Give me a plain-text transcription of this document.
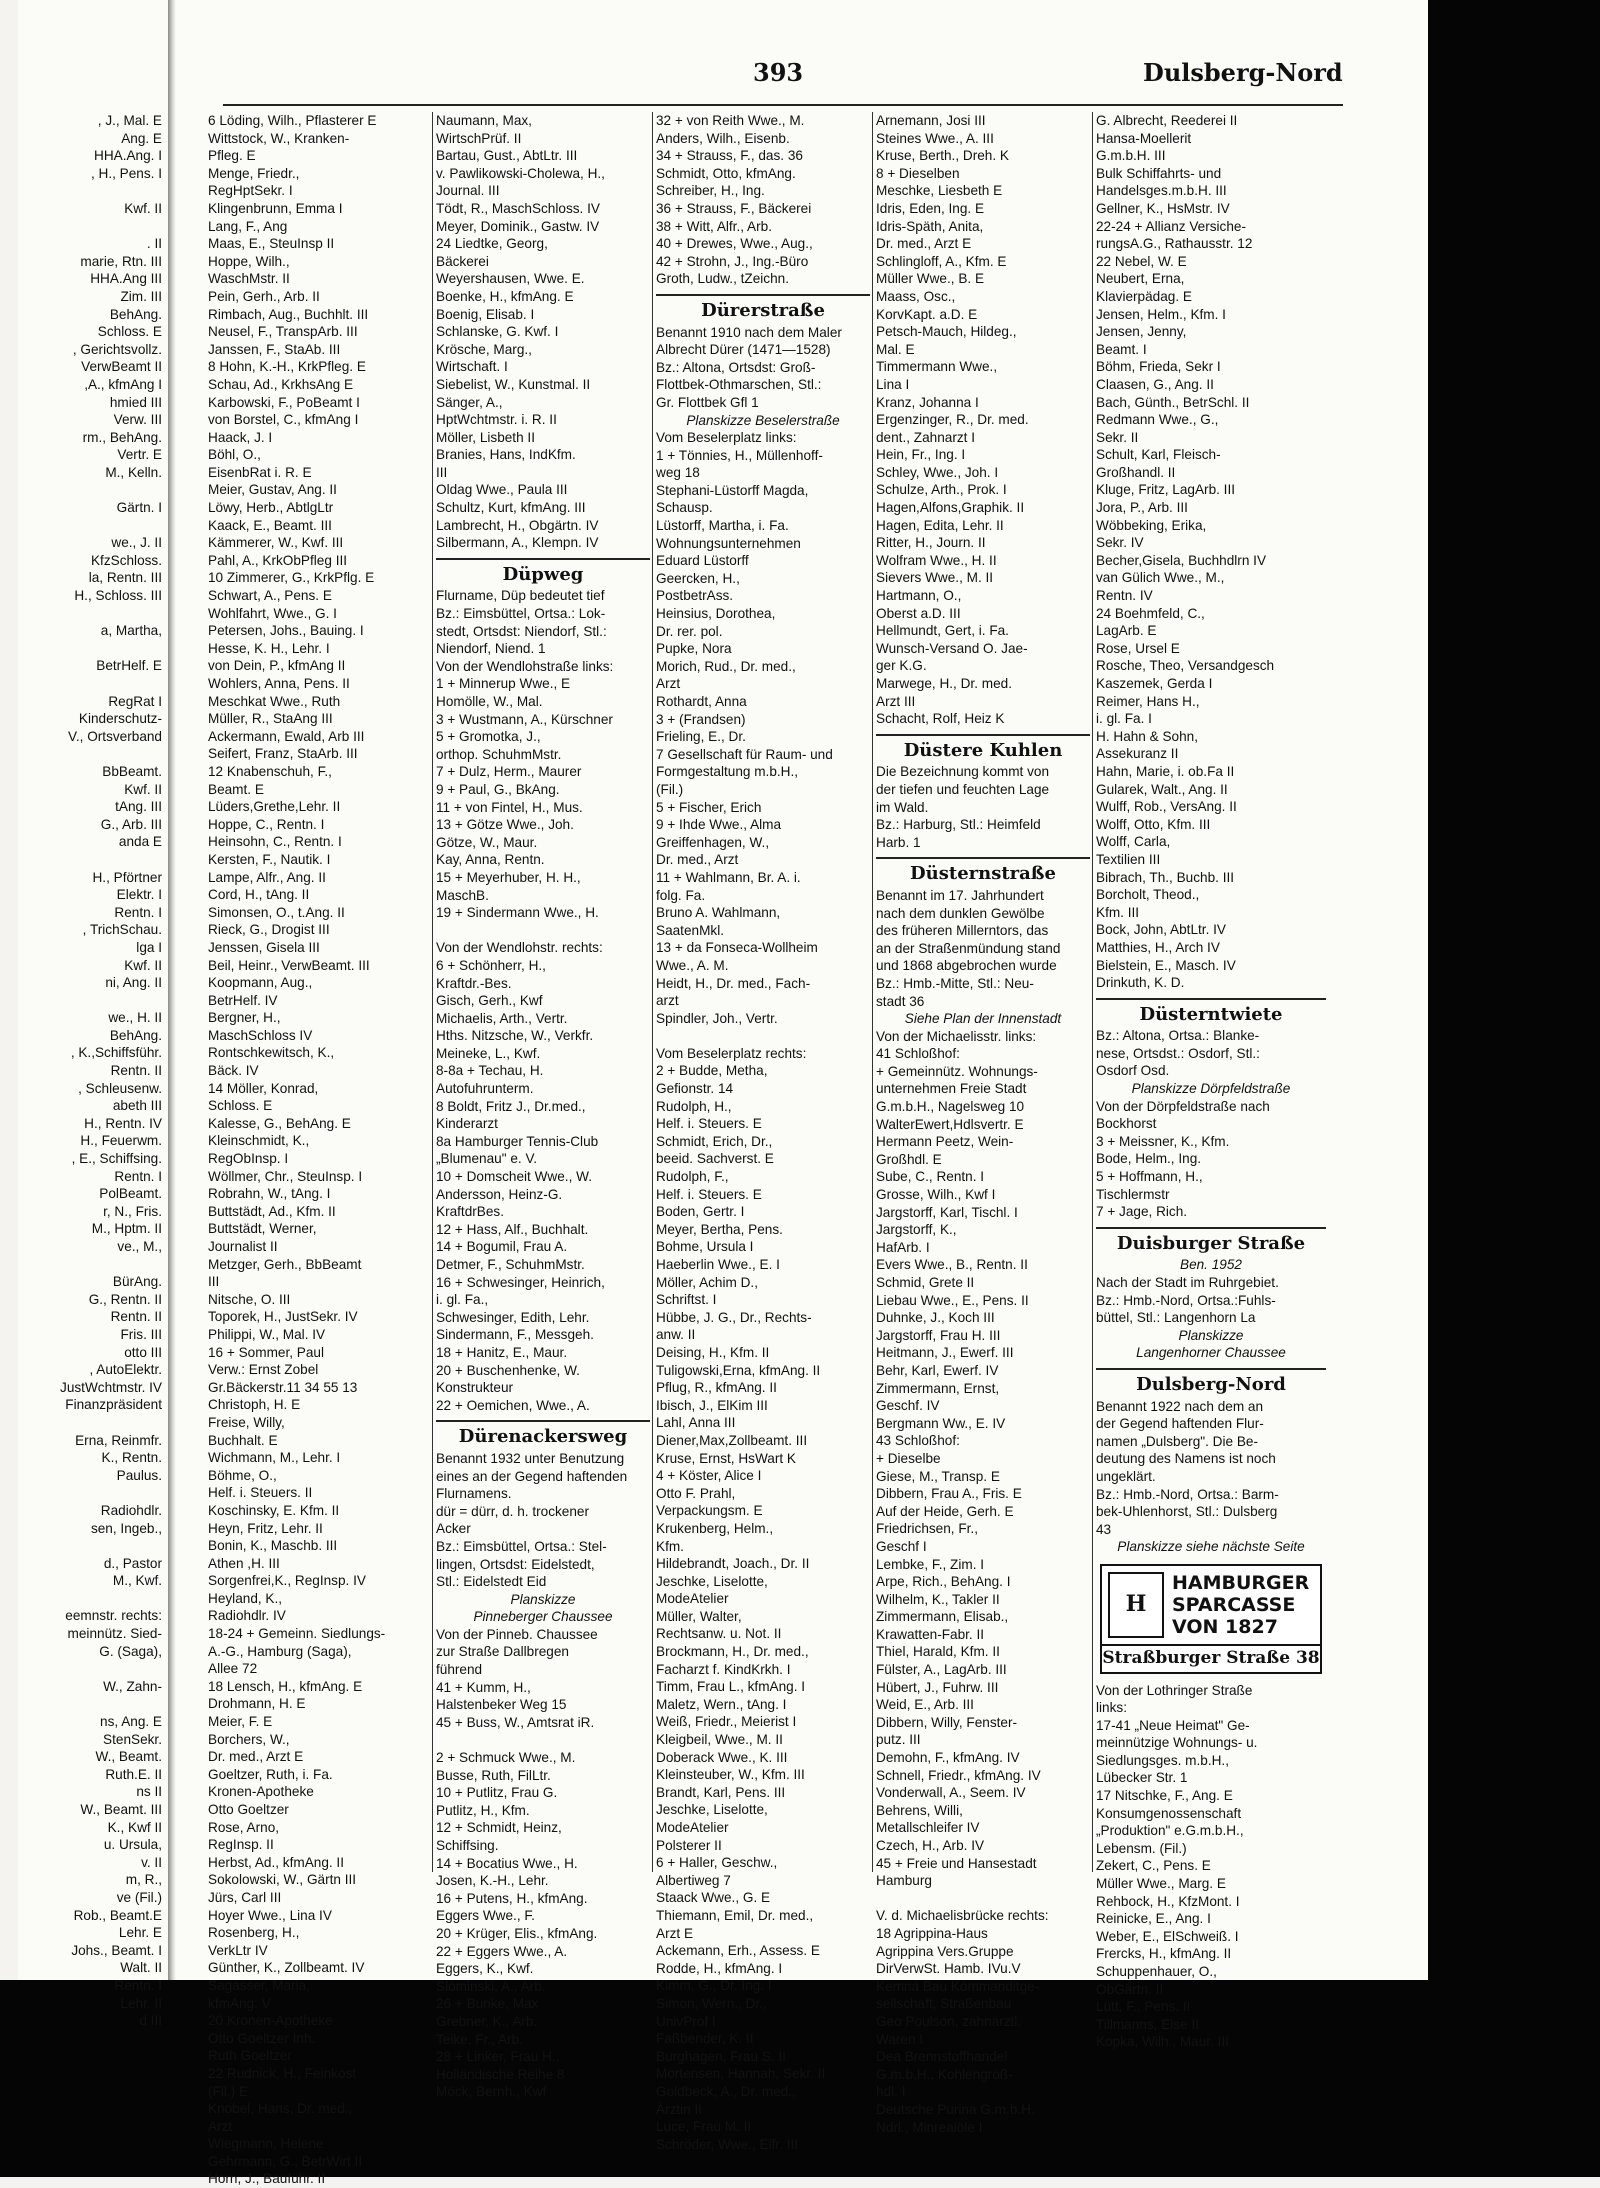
, J., Mal. E
Ang. E
HHA.Ang. I
, H., Pens. I

Kwf. II

. II
marie, Rtn. III
HHA.Ang III
Zim. III
BehAng.
Schloss. E
, Gerichtsvollz.
VerwBeamt II
,A., kfmAng I
hmied III
Verw. III
rm., BehAng.
Vertr. E
M., Kelln.

Gärtn. I

we., J. II
KfzSchloss.
la, Rentn. III
H., Schloss. III

a, Martha,

BetrHelf. E

RegRat I
Kinderschutz-
V., Ortsverband

BbBeamt.
Kwf. II
tAng. III
G., Arb. III
anda E

H., Pförtner
Elektr. I
Rentn. I
, TrichSchau.
lga I
Kwf. II
ni, Ang. II

we., H. II
BehAng.
, K.,Schiffsführ.
Rentn. II
, Schleusenw.
abeth III
H., Rentn. IV
H., Feuerwm.
, E., Schiffsing.
Rentn. I
PolBeamt.
r, N., Fris.
M., Hptm. II
ve., M.,

BürAng.
G., Rentn. II
Rentn. II
Fris. III
otto III
, AutoElektr.
JustWchtmstr. IV
Finanzpräsident

Erna, Reinmfr.
K., Rentn.
Paulus.

Radiohdlr.
sen, Ingeb.,

d., Pastor
M., Kwf.

eemnstr. rechts:
meinnütz. Sied-
G. (Saga),

W., Zahn-

ns, Ang. E
StenSekr.
W., Beamt.
Ruth.E. II
ns II
W., Beamt. III
K., Kwf II
u. Ursula,
v. II
m, R.,
ve (Fil.)
Rob., Beamt.E
Lehr. E
Johs., Beamt. I
Walt. II
Rentn. I
Lehr. II
d III
393	Dulsberg-Nord
6 Löding, Wilh., Pflasterer E
Wittstock, W., Kranken-
Pfleg. E
Menge, Friedr.,
RegHptSekr. I
Klingenbrunn, Emma I
Lang, F., Ang
Maas, E., SteuInsp II
Hoppe, Wilh.,
WaschMstr. II
Pein, Gerh., Arb. II
Rimbach, Aug., Buchhlt. III
Neusel, F., TranspArb. III
Janssen, F., StaAb. III
8 Hohn, K.-H., KrkPfleg. E
Schau, Ad., KrkhsAng E
Karbowski, F., PoBeamt I
von Borstel, C., kfmAng I
Haack, J. I
Böhl, O.,
EisenbRat i. R. E
Meier, Gustav, Ang. II
Löwy, Herb., AbtlgLtr
Kaack, E., Beamt. III
Kämmerer, W., Kwf. III
Pahl, A., KrkObPfleg III
10 Zimmerer, G., KrkPflg. E
Schwart, A., Pens. E
Wohlfahrt, Wwe., G. I
Petersen, Johs., Bauing. I
Hesse, K. H., Lehr. I
von Dein, P., kfmAng II
Wohlers, Anna, Pens. II
Meschkat Wwe., Ruth
Müller, R., StaAng III
Ackermann, Ewald, Arb III
Seifert, Franz, StaArb. III
12 Knabenschuh, F.,
Beamt. E
Lüders,Grethe,Lehr. II
Hoppe, C., Rentn. I
Heinsohn, C., Rentn. I
Kersten, F., Nautik. I
Lampe, Alfr., Ang. II
Cord, H., tAng. II
Simonsen, O., t.Ang. II
Rieck, G., Drogist III
Jenssen, Gisela III
Beil, Heinr., VerwBeamt. III
Koopmann, Aug.,
BetrHelf. IV
Bergner, H.,
MaschSchloss IV
Rontschkewitsch, K.,
Bäck. IV
14 Möller, Konrad,
Schloss. E
Kalesse, G., BehAng. E
Kleinschmidt, K.,
RegObInsp. I
Wöllmer, Chr., SteuInsp. I
Robrahn, W., tAng. I
Buttstädt, Ad., Kfm. II
Buttstädt, Werner,
Journalist II
Metzger, Gerh., BbBeamt
III
Nitsche, O. III
Toporek, H., JustSekr. IV
Philippi, W., Mal. IV
16 + Sommer, Paul
Verw.: Ernst Zobel
Gr.Bäckerstr.11 34 55 13
Christoph, H. E
Freise, Willy,
Buchhalt. E
Wichmann, M., Lehr. I
Böhme, O.,
Helf. i. Steuers. II
Koschinsky, E. Kfm. II
Heyn, Fritz, Lehr. II
Bonin, K., Maschb. III
Athen ,H. III
Sorgenfrei,K., RegInsp. IV
Heyland, K.,
Radiohdlr. IV
18-24 + Gemeinn. Siedlungs-
A.-G., Hamburg (Saga),
Allee 72
18 Lensch, H., kfmAng. E
Drohmann, H. E
Meier, F. E
Borchers, W.,
Dr. med., Arzt E
Goeltzer, Ruth, i. Fa.
Kronen-Apotheke
Otto Goeltzer
Rose, Arno,
RegInsp. II
Herbst, Ad., kfmAng. II
Sokolowski, W., Gärtn III
Jürs, Carl III
Hoyer Wwe., Lina IV
Rosenberg, H.,
VerkLtr IV
Günther, K., Zollbeamt. IV
Sagasser, Maria,
kfmAng. V
20 Kronen-Apotheke
Otto Goeltzer Inh.
Ruth Goeltzer
22 Rudnick, H., Feinkost
(Fil.) E
Knobel, Hans, Dr. med.,
Arzt
Wiegmann, Helene
Gehrmann, G., BetrWirt II
Horn, J., Bauführ. II
Naumann, Max,
WirtschPrüf. II
Bartau, Gust., AbtLtr. III
v. Pawlikowski-Cholewa, H.,
Journal. III
Tödt, R., MaschSchloss. IV
Meyer, Dominik., Gastw. IV
24 Liedtke, Georg,
Bäckerei
Weyershausen, Wwe. E.
Boenke, H., kfmAng. E
Boenig, Elisab. I
Schlanske, G. Kwf. I
Krösche, Marg.,
Wirtschaft. I
Siebelist, W., Kunstmal. II
Sänger, A.,
HptWchtmstr. i. R. II
Möller, Lisbeth II
Branies, Hans, IndKfm.
III
Oldag Wwe., Paula III
Schultz, Kurt, kfmAng. III
Lambrecht, H., Obgärtn. IV
Silbermann, A., Klempn. IV
Düpweg
Flurname, Düp bedeutet tief
Bz.: Eimsbüttel, Ortsa.: Lok-
stedt, Ortsdst: Niendorf, Stl.:
Niendorf, Niend. 1
Von der Wendlohstraße links:
1 + Minnerup Wwe., E
Homölle, W., Mal.
3 + Wustmann, A., Kürschner
5 + Gromotka, J.,
orthop. SchuhmMstr.
7 + Dulz, Herm., Maurer
9 + Paul, G., BkAng.
11 + von Fintel, H., Mus.
13 + Götze Wwe., Joh.
Götze, W., Maur.
Kay, Anna, Rentn.
15 + Meyerhuber, H. H.,
MaschB.
19 + Sindermann Wwe., H.

Von der Wendlohstr. rechts:
6 + Schönherr, H.,
Kraftdr.-Bes.
Gisch, Gerh., Kwf
Michaelis, Arth., Vertr.
Hths. Nitzsche, W., Verkfr.
Meineke, L., Kwf.
8-8a + Techau, H.
Autofuhrunterm.
8 Boldt, Fritz J., Dr.med.,
Kinderarzt
8a Hamburger Tennis-Club
„Blumenau" e. V.
10 + Domscheit Wwe., W.
Andersson, Heinz-G.
KraftdrBes.
12 + Hass, Alf., Buchhalt.
14 + Bogumil, Frau A.
Detmer, F., SchuhmMstr.
16 + Schwesinger, Heinrich,
i. gl. Fa.,
Schwesinger, Edith, Lehr.
Sindermann, F., Messgeh.
18 + Hanitz, E., Maur.
20 + Buschenhenke, W.
Konstrukteur
22 + Oemichen, Wwe., A.
Dürenackersweg
Benannt 1932 unter Benutzung
eines an der Gegend haftenden
Flurnamens.
dür = dürr, d. h. trockener
Acker
Bz.: Eimsbüttel, Ortsa.: Stel-
lingen, Ortsdst: Eidelstedt,
Stl.: Eidelstedt Eid
Planskizze
Pinneberger Chaussee
Von der Pinneb. Chaussee
zur Straße Dallbregen
führend
41 + Kumm, H.,
Halstenbeker Weg 15
45 + Buss, W., Amtsrat iR.

2 + Schmuck Wwe., M.
Busse, Ruth, FilLtr.
10 + Putlitz, Frau G.
Putlitz, H., Kfm.
12 + Schmidt, Heinz,
Schiffsing.
14 + Bocatius Wwe., H.
Josen, K.-H., Lehr.
16 + Putens, H., kfmAng.
Eggers Wwe., F.
20 + Krüger, Elis., kfmAng.
22 + Eggers Wwe., A.
Eggers, K., Kwf.
Slominski, A., Arb.
26 + Bunke, Max
Grebner, K., Arb.
Teike, Fr., Arb.
28 + Linker, Frau H.,
Holländische Reihe 8
Möck, Bernh., Kwf
32 + von Reith Wwe., M.
Anders, Wilh., Eisenb.
34 + Strauss, F., das. 36
Schmidt, Otto, kfmAng.
Schreiber, H., Ing.
36 + Strauss, F., Bäckerei
38 + Witt, Alfr., Arb.
40 + Drewes, Wwe., Aug.,
42 + Strohn, J., Ing.-Büro
Groth, Ludw., tZeichn.
Dürerstraße
Benannt 1910 nach dem Maler
Albrecht Dürer (1471—1528)
Bz.: Altona, Ortsdst: Groß-
Flottbek-Othmarschen, Stl.:
Gr. Flottbek Gfl 1
Planskizze Beselerstraße
Vom Beselerplatz links:
1 + Tönnies, H., Müllenhoff-
weg 18
Stephani-Lüstorff Magda,
Schausp.
Lüstorff, Martha, i. Fa.
Wohnungsunternehmen
Eduard Lüstorff
Geercken, H.,
PostbetrAss.
Heinsius, Dorothea,
Dr. rer. pol.
Pupke, Nora
Morich, Rud., Dr. med.,
Arzt
Rothardt, Anna
3 + (Frandsen)
Frieling, E., Dr.
7 Gesellschaft für Raum- und
Formgestaltung m.b.H.,
(Fil.)
5 + Fischer, Erich
9 + Ihde Wwe., Alma
Greiffenhagen, W.,
Dr. med., Arzt
11 + Wahlmann, Br. A. i.
folg. Fa.
Bruno A. Wahlmann,
SaatenMkl.
13 + da Fonseca-Wollheim
Wwe., A. M.
Heidt, H., Dr. med., Fach-
arzt
Spindler, Joh., Vertr.

Vom Beselerplatz rechts:
2 + Budde, Metha,
Gefionstr. 14
Rudolph, H.,
Helf. i. Steuers. E
Schmidt, Erich, Dr.,
beeid. Sachverst. E
Rudolph, F.,
Helf. i. Steuers. E
Boden, Gertr. I
Meyer, Bertha, Pens.
Bohme, Ursula I
Haeberlin Wwe., E. I
Möller, Achim D.,
Schriftst. I
Hübbe, J. G., Dr., Rechts-
anw. II
Deising, H., Kfm. II
Tuligowski,Erna, kfmAng. II
Pflug, R., kfmAng. II
Ibisch, J., ElKim III
Lahl, Anna III
Diener,Max,Zollbeamt. III
Kruse, Ernst, HsWart K
4 + Köster, Alice I
Otto F. Prahl,
Verpackungsm. E
Krukenberg, Helm.,
Kfm.
Hildebrandt, Joach., Dr. II
Jeschke, Liselotte,
ModeAtelier
Müller, Walter,
Rechtsanw. u. Not. II
Brockmann, H., Dr. med.,
Facharzt f. KindKrkh. I
Timm, Frau L., kfmAng. I
Maletz, Wern., tAng. I
Weiß, Friedr., Meierist I
Kleigbeil, Wwe., M. II
Doberack Wwe., K. III
Kleinsteuber, W., Kfm. III
Brandt, Karl, Pens. III
Jeschke, Liselotte,
ModeAtelier
Polsterer II
6 + Haller, Geschw.,
Albertiweg 7
Staack Wwe., G. E
Thiemann, Emil, Dr. med.,
Arzt E
Ackemann, Erh., Assess. E
Rodde, H., kfmAng. I
Kimm, G., Dr. Ing. I
Simon, Wern., Dr.,
UnivProf I
Faßbender, K. II
Burghagen, Frau S. II
Mortensen, Hannah, Sekr. II
Goldbeck, A., Dr. med.,
Ärztin II
Luce, Frau M. II
Schröder, Wwe., Elfr. III
Arnemann, Josi III
Steines Wwe., A. III
Kruse, Berth., Dreh. K
8 + Dieselben
Meschke, Liesbeth E
Idris, Eden, Ing. E
Idris-Späth, Anita,
Dr. med., Arzt E
Schlingloff, A., Kfm. E
Müller Wwe., B. E
Maass, Osc.,
KorvKapt. a.D. E
Petsch-Mauch, Hildeg.,
Mal. E
Timmermann Wwe.,
Lina I
Kranz, Johanna I
Ergenzinger, R., Dr. med.
dent., Zahnarzt I
Hein, Fr., Ing. I
Schley, Wwe., Joh. I
Schulze, Arth., Prok. I
Hagen,Alfons,Graphik. II
Hagen, Edita, Lehr. II
Ritter, H., Journ. II
Wolfram Wwe., H. II
Sievers Wwe., M. II
Hartmann, O.,
Oberst a.D. III
Hellmundt, Gert, i. Fa.
Wunsch-Versand O. Jae-
ger K.G.
Marwege, H., Dr. med.
Arzt III
Schacht, Rolf, Heiz K
Düstere Kuhlen
Die Bezeichnung kommt von
der tiefen und feuchten Lage
im Wald.
Bz.: Harburg, Stl.: Heimfeld
Harb. 1
Düsternstraße
Benannt im 17. Jahrhundert
nach dem dunklen Gewölbe
des früheren Millerntors, das
an der Straßenmündung stand
und 1868 abgebrochen wurde
Bz.: Hmb.-Mitte, Stl.: Neu-
stadt 36
Siehe Plan der Innenstadt
Von der Michaelisstr. links:
41 Schloßhof:
+ Gemeinnütz. Wohnungs-
unternehmen Freie Stadt
G.m.b.H., Nagelsweg 10
WalterEwert,Hdlsvertr. E
Hermann Peetz, Wein-
Großhdl. E
Sube, C., Rentn. I
Grosse, Wilh., Kwf I
Jargstorff, Karl, Tischl. I
Jargstorff, K.,
HafArb. I
Evers Wwe., B., Rentn. II
Schmid, Grete II
Liebau Wwe., E., Pens. II
Duhnke, J., Koch III
Jargstorff, Frau H. III
Heitmann, J., Ewerf. III
Behr, Karl, Ewerf. IV
Zimmermann, Ernst,
Geschf. IV
Bergmann Ww., E. IV
43 Schloßhof:
+ Dieselbe
Giese, M., Transp. E
Dibbern, Frau A., Fris. E
Auf der Heide, Gerh. E
Friedrichsen, Fr.,
Geschf I
Lembke, F., Zim. I
Arpe, Rich., BehAng. I
Wilhelm, K., Takler II
Zimmermann, Elisab.,
Krawatten-Fabr. II
Thiel, Harald, Kfm. II
Fülster, A., LagArb. III
Hübert, J., Fuhrw. III
Weid, E., Arb. III
Dibbern, Willy, Fenster-
putz. III
Demohn, F., kfmAng. IV
Schnell, Friedr., kfmAng. IV
Vonderwall, A., Seem. IV
Behrens, Willi,
Metallschleifer IV
Czech, H., Arb. IV
45 + Freie und Hansestadt
Hamburg

V. d. Michaelisbrücke rechts:
18 Agrippina-Haus
Agrippina Vers.Gruppe
DirVerwSt. Hamb. IVu.V
Kemna Bau Kommanditge-
sellschaft, Straßenbau
Geo Poulson, zahnärztl.
Waren I
Dea Brennstoffhandel
G.m.b.H., Kohlengroß-
hdl. I
Deutsche Purina G.m.b.H.
Ndrl., Minrealöle I
G. Albrecht, Reederei II
Hansa-Moellerit
G.m.b.H. III
Bulk Schiffahrts- und
Handelsges.m.b.H. III
Gellner, K., HsMstr. IV
22-24 + Allianz Versiche-
rungsA.G., Rathausstr. 12
22 Nebel, W. E
Neubert, Erna,
Klavierpädag. E
Jensen, Helm., Kfm. I
Jensen, Jenny,
Beamt. I
Böhm, Frieda, Sekr I
Claasen, G., Ang. II
Bach, Günth., BetrSchl. II
Redmann Wwe., G.,
Sekr. II
Schult, Karl, Fleisch-
Großhandl. II
Kluge, Fritz, LagArb. III
Jora, P., Arb. III
Wöbbeking, Erika,
Sekr. IV
Becher,Gisela, Buchhdlrn IV
van Gülich Wwe., M.,
Rentn. IV
24 Boehmfeld, C.,
LagArb. E
Rose, Ursel E
Rosche, Theo, Versandgesch
Kaszemek, Gerda I
Reimer, Hans H.,
i. gl. Fa. I
H. Hahn & Sohn,
Assekuranz II
Hahn, Marie, i. ob.Fa II
Gularek, Walt., Ang. II
Wulff, Rob., VersAng. II
Wolff, Otto, Kfm. III
Wolff, Carla,
Textilien III
Bibrach, Th., Buchb. III
Borcholt, Theod.,
Kfm. III
Bock, John, AbtLtr. IV
Matthies, H., Arch IV
Bielstein, E., Masch. IV
Drinkuth, K. D.
Düsterntwiete
Bz.: Altona, Ortsa.: Blanke-
nese, Ortsdst.: Osdorf, Stl.:
Osdorf Osd.
Planskizze Dörpfeldstraße
Von der Dörpfeldstraße nach
Bockhorst
3 + Meissner, K., Kfm.
Bode, Helm., Ing.
5 + Hoffmann, H.,
Tischlermstr
7 + Jage, Rich.
Duisburger Straße
Ben. 1952
Nach der Stadt im Ruhrgebiet.
Bz.: Hmb.-Nord, Ortsa.:Fuhls-
büttel, Stl.: Langenhorn La
Planskizze
Langenhorner Chaussee
Dulsberg-Nord
Benannt 1922 nach dem an
der Gegend haftenden Flur-
namen „Dulsberg". Die Be-
deutung des Namens ist noch
ungeklärt.
Bz.: Hmb.-Nord, Ortsa.: Barm-
bek-Uhlenhorst, Stl.: Dulsberg
43
Planskizze siehe nächste Seite
H
HAMBURGER
SPARCASSE
VON 1827
Straßburger Straße 38
Von der Lothringer Straße
links:
17-41 „Neue Heimat" Ge-
meinnützige Wohnungs- u.
Siedlungsges. m.b.H.,
Lübecker Str. 1
17 Nitschke, F., Ang. E
Konsumgenossenschaft
„Produktion" e.G.m.b.H.,
Lebensm. (Fil.)
Zekert, C., Pens. E
Müller Wwe., Marg. E
Rehbock, H., KfzMont. I
Reinicke, E., Ang. I
Weber, E., ElSchweiß. I
Frercks, H., kfmAng. II
Schuppenhauer, O.,
ObGärtn. II
Lütt, F., Pens. II
Tillmanns, Else II
Kopka, Wilh., Maur. III
